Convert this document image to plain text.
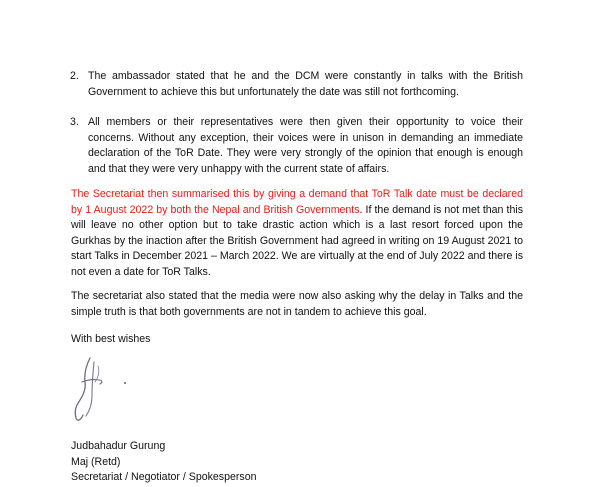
2. The ambassador stated that he and the DCM were constantly in talks with the British Government to achieve this but unfortunately the date was still not forthcoming.
3. All members or their representatives were then given their opportunity to voice their concerns. Without any exception, their voices were in unison in demanding an immediate declaration of the ToR Date. They were very strongly of the opinion that enough is enough and that they were very unhappy with the current state of affairs.
The Secretariat then summarised this by giving a demand that ToR Talk date must be declared by 1 August 2022 by both the Nepal and British Governments. If the demand is not met than this will leave no other option but to take drastic action which is a last resort forced upon the Gurkhas by the inaction after the British Government had agreed in writing on 19 August 2021 to start Talks in December 2021 – March 2022. We are virtually at the end of July 2022 and there is not even a date for ToR Talks.
The secretariat also stated that the media were now also asking why the delay in Talks and the simple truth is that both governments are not in tandem to achieve this goal.
With best wishes
Judbahadur Gurung
Maj (Retd)
Secretariat / Negotiator / Spokesperson
